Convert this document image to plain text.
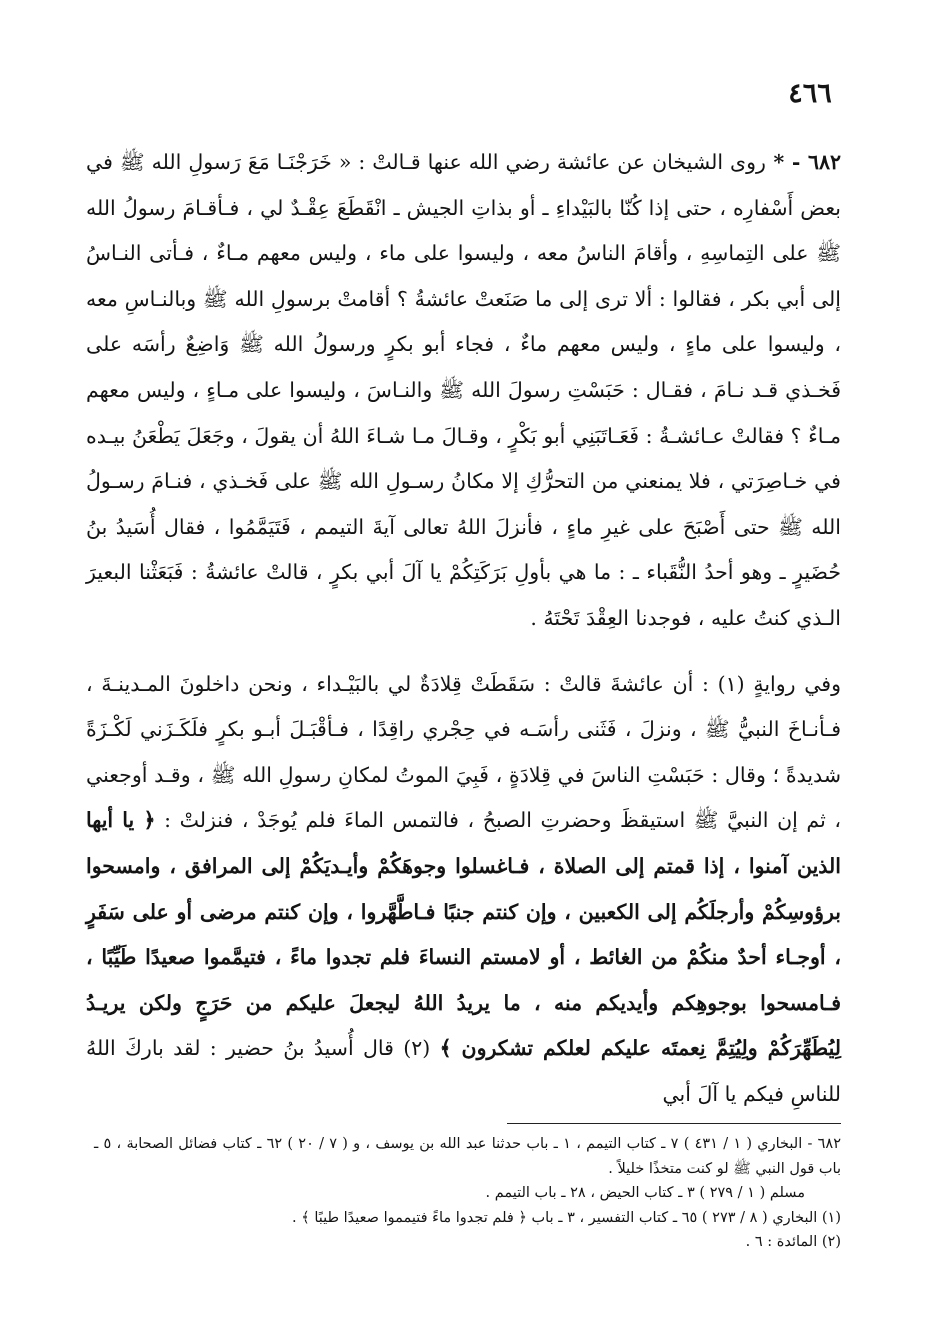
٤٦٦

٦٨٢ - * روى الشيخان عن عائشة رضي الله عنها قـالتْ : « خَرَجْنَـا مَعَ رَسولِ الله ﷺ في بعض أَسْفارِه ، حتى إذا كُنّا بالبَيْداءِ ـ أو بذاتِ الجيش ـ انْقَطَعَ عِقْـدٌ لي ، فـأقـامَ رسولُ الله ﷺ على التِماسِهِ ، وأقامَ الناسُ معه ، وليسوا على ماء ، وليس معهم مـاءٌ ، فـأتى النـاسُ إلى أبي بكر ، فقالوا : ألا ترى إلى ما صَنَعتْ عائشةُ ؟ أقامتْ برسولِ الله ﷺ وبالنـاسِ معه ، وليسوا على ماءٍ ، وليس معهم ماءٌ ، فجاء أبو بكرٍ ورسولُ الله ﷺ وَاضِعٌ رأسَه على فَخـذي قـد نـامَ ، فقـال : حَبَسْتِ رسولَ الله ﷺ والنـاسَ ، وليسوا على مـاءٍ ، وليس معهم مـاءٌ ؟ فقالتْ عـائشـةُ : فَعَـاتَبَنِي أبو بَكْرٍ ، وقـالَ مـا شـاءَ اللهُ أن يقولَ ، وجَعَلَ يَطْعَنُ بيـده في خـاصِرَتي ، فلا يمنعني من التحرُّكِ إلا مكانُ رسـولِ الله ﷺ على فَخـذي ، فنـامَ رسـولُ الله ﷺ حتى أَصْبَحَ على غيرِ ماءٍ ، فأنزلَ اللهُ تعالى آيةَ التيمم ، فَتَيَمَّمُوا ، فقال أُسَيدُ بنُ حُضَيرٍ ـ وهو أحدُ النُّقَباء ـ : ما هي بأولِ بَرَكَتِكُمْ يا آلَ أبي بكرٍ ، قالتْ عائشةُ : فَبَعَثْنا البعيرَ الـذي كنتُ عليه ، فوجدنا العِقْدَ تَحْتَهُ .

وفي روايةٍ (١) : أن عائشةَ قالتْ : سَقَطَتْ قِلادَةٌ لي بالبَيْـداء ، ونحن داخلونَ المـدينـةَ ، فـأنـاخَ النبيُّ ﷺ ، ونزلَ ، فَثَنى رأسَـه في حِجْري راقِدًا ، فـأقْبَـلَ أبـو بكرٍ فلَكَـزَني لَكْـزَةً شديدةً ؛ وقال : حَبَسْتِ الناسَ في قِلادَةٍ ، فَبِيَ الموتُ لمكانِ رسولِ الله ﷺ ، وقـد أوجعني ، ثم إن النبيَّ ﷺ استيقظَ وحضرتِ الصبحُ ، فالتمس الماءَ فلم يُوجَدْ ، فنزلتْ : ﴿ يا أيها الذين آمنوا ، إذا قمتم إلى الصلاة ، فـاغسلوا وجوهَكُمْ وأيـديَكُمْ إلى المرافق ، وامسحوا برؤوسِكُمْ وأرجلَكُم إلى الكعبين ، وإن كنتم جنبًا فـاطَّهَّروا ، وإن كنتم مرضى أو على سَفَرٍ ، أوجـاء أحدٌ منكُمْ من الغائط ، أو لامستم النساءَ فلم تجدوا ماءً ، فتيمَّموا صعيدًا طَيِّبًا ، فـامسحوا بوجوهِكم وأيديكم منه ، ما يريدُ اللهُ ليجعلَ عليكم من حَرَجٍ ولكن يريـدُ لِيُطَهِّرَكُمْ ولِيُتِمَّ نِعمتَه عليكم لعلكم تشكرون ﴾ (٢) قال أُسيدُ بنُ حضير : لقد باركَ اللهُ للناسِ فيكم يا آلَ أبي

٦٨٢ - البخاري ( ١ / ٤٣١ ) ٧ ـ كتاب التيمم ، ١ ـ باب حدثنا عبد الله بن يوسف ، و ( ٧ / ٢٠ ) ٦٢ ـ كتاب فضائل الصحابة ، ٥ ـ باب قول النبي ﷺ لو كنت متخذًا خليلاً .

مسلم ( ١ / ٢٧٩ ) ٣ ـ كتاب الحيض ، ٢٨ ـ باب التيمم .

(١) البخاري ( ٨ / ٢٧٣ ) ٦٥ ـ كتاب التفسير ، ٣ ـ باب ﴿ فلم تجدوا ماءً فتيمموا صعيدًا طيبًا ﴾ .

(٢) المائدة : ٦ .
